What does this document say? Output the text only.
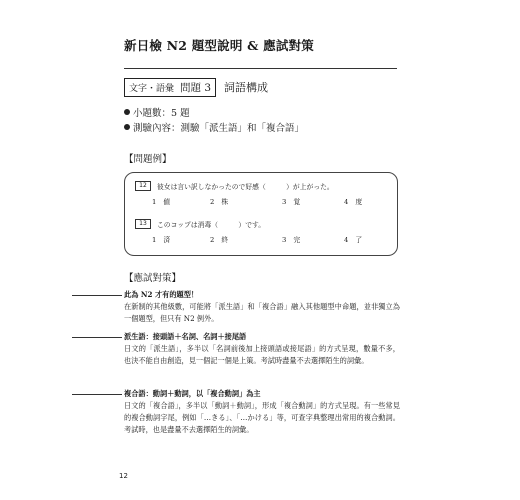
新日檢 N2 題型說明 & 應試對策
文字・語彙 問題 3 詞語構成
小題數：5 題
測驗內容：測驗「派生語」和「複合語」
【問題例】
12	彼女は言い訳しなかったので好感（　　　）が上がった。
1 値	2 株	3 覚	4 度
13	このコップは消毒（　　　）です。
1 済	2 終	3 完	4 了
【應試對策】
此為 N2 才有的題型！
在新制的其他級數，可能將「派生語」和「複合語」融入其他題型中命題，並非獨立為一個題型，但只有 N2 例外。
派生語：接頭語＋名詞、名詞＋接尾語
日文的「派生語」，多半以「名詞前後加上接頭語或接尾語」的方式呈現，數量不多，也決不能自由創造，見一個記一個是上策。考試時盡量不去選擇陌生的詞彙。
複合語：動詞＋動詞，以「複合動詞」為主
日文的「複合語」，多半以「動詞＋動詞」，形成「複合動詞」的方式呈現。有一些常見的複合動詞字尾，例如「…きる」、「…かける」等，可查字典整理出常用的複合動詞。考試時，也是盡量不去選擇陌生的詞彙。
12
